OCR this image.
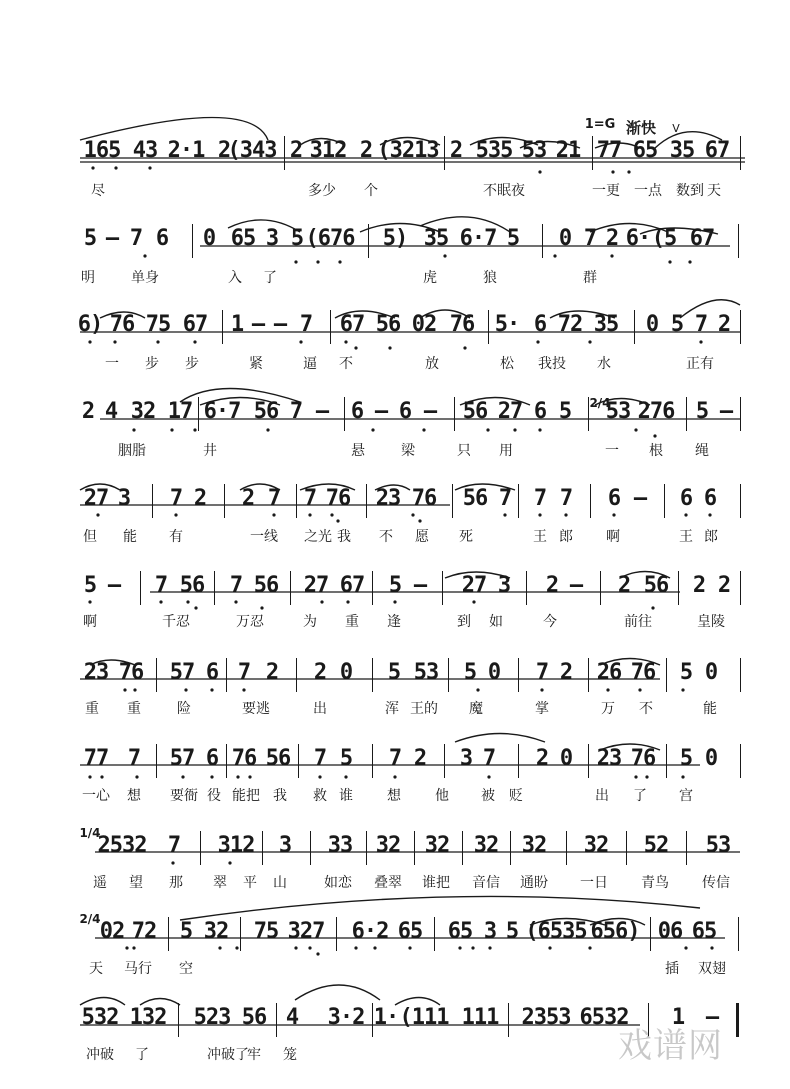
1=G 渐快 V
165 43 2·1 2
(343 2 312 2 (3213 2 535 53 21 77 65 35 67
尽	多少 个	不眠夜	一更 一点 数到 天
5 — 7 6 0 65 3 5 (676 5) 35 6·7 5 0 7 2 6· (5 67
明	单身	入 了	虎	狼	群
6) 76 75 67 1 — — 7 67 56 02 76 5· 6 72 35 0 5 7 2
一 步 步	紧	逼 不	放	松 我投 水	正有
2 4 32 17 6·7 56 7 — 6 — 6 — 56 27 6 5 53 276 5 —
胭脂	井	悬	梁	只 用	一 根 绳
2/4
27 3 7 2 2 7 7 76 23 76 56 7 7 7 6 — 6 6
但 能 有	一线 之光 我 不 愿 死	王 郎 啊	王 郎
5 — 7 56 7 56 27 67 5 — 27 3 2 — 2 56 2 2
啊	千忍	万忍	为 重 逢	到 如	今	前往	皇陵
23 76 57 6 7 2 2 0 5 53 5 0 7 2 26 76 5 0
重 重	险	要逃	出	浑 王的 魔	掌	万 不	能
77 7 57 6 76 56 7 5 7 2 3 7 2 0 23 76 5 0
一心 想 要衙 役 能把 我 救 谁 想 他 被 贬	出 了 宫
1/4
2532 7 312 3 33 32 32 32 32 32 52 53
遥 望 那 翠 平 山	如恋 叠翠 谁把 音信 通盼 一日 青鸟 传信
2/4 02 72 5 32 75 327 6·2 65 65 3 5 (6535 656) 06 65
天 马行 空	插 双翅
532 132 523 56 4 3·2 1· (111 111 2353 6532 1 —
冲破 了	冲破了
牢 笼	戏谱网
